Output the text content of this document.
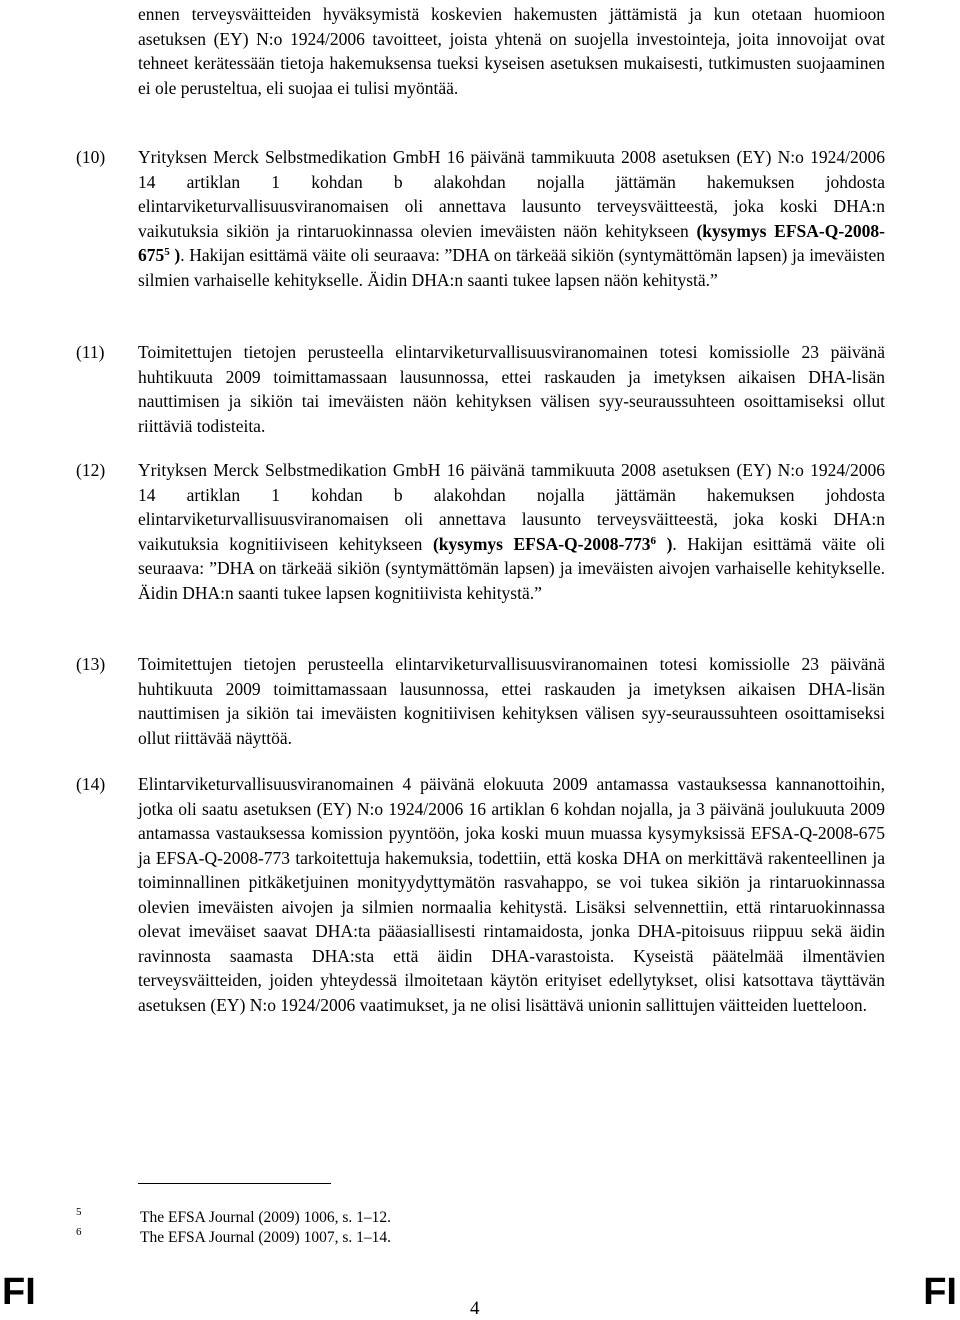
ennen terveysväitteiden hyväksymistä koskevien hakemusten jättämistä ja kun otetaan huomioon asetuksen (EY) N:o 1924/2006 tavoitteet, joista yhtenä on suojella investointeja, joita innovoijat ovat tehneet kerätessään tietoja hakemuksensa tueksi kyseisen asetuksen mukaisesti, tutkimusten suojaaminen ei ole perusteltua, eli suojaa ei tulisi myöntää.

(10) Yrityksen Merck Selbstmedikation GmbH 16 päivänä tammikuuta 2008 asetuksen (EY) N:o 1924/2006 14 artiklan 1 kohdan b alakohdan nojalla jättämän hakemuksen johdosta elintarviketurvallisuusviranomaisen oli annettava lausunto terveysväitteestä, joka koski DHA:n vaikutuksia sikiön ja rintaruokinnassa olevien imeväisten näön kehitykseen (kysymys EFSA-$Q-2008-675^5$ ). Hakijan esittämä väite oli seuraava: ”DHA on tärkeää sikiön (syntymättömän lapsen) ja imeväisten silmien varhaiselle kehitykselle. Äidin DHA:n saanti tukee lapsen näön kehitystä.”

(11) Toimitettujen tietojen perusteella elintarviketurvallisuusviranomainen totesi komissiolle 23 päivänä huhtikuuta 2009 toimittamassaan lausunnossa, ettei raskauden ja imetyksen aikaisen DHA-lisän nauttimisen ja sikiön tai imeväisten näön kehityksen välisen syy-seuraussuhteen osoittamiseksi ollut riittäviä todisteita.

(12) Yrityksen Merck Selbstmedikation GmbH 16 päivänä tammikuuta 2008 asetuksen (EY) N:o 1924/2006 14 artiklan 1 kohdan b alakohdan nojalla jättämän hakemuksen johdosta elintarviketurvallisuusviranomaisen oli annettava lausunto terveysväitteestä, joka koski DHA:n vaikutuksia kognitiiviseen kehitykseen (kysymys EFSA-$Q-2008-773^6$ ). Hakijan esittämä väite oli seuraava: ”DHA on tärkeää sikiön (syntymättömän lapsen) ja imeväisten aivojen varhaiselle kehitykselle. Äidin DHA:n saanti tukee lapsen kognitiivista kehitystä.”

(13) Toimitettujen tietojen perusteella elintarviketurvallisuusviranomainen totesi komissiolle 23 päivänä huhtikuuta 2009 toimittamassaan lausunnossa, ettei raskauden ja imetyksen aikaisen DHA-lisän nauttimisen ja sikiön tai imeväisten kognitiivisen kehityksen välisen syy-seuraussuhteen osoittamiseksi ollut riittävää näyttöä.

(14) Elintarviketurvallisuusviranomainen 4 päivänä elokuuta 2009 antamassa vastauksessa kannanottoihin, jotka oli saatu asetuksen (EY) N:o 1924/2006 16 artiklan 6 kohdan nojalla, ja 3 päivänä joulukuuta 2009 antamassa vastauksessa komission pyyntöön, joka koski muun muassa kysymyksissä EFSA-Q-2008-675 ja EFSA-Q-2008-773 tarkoitettuja hakemuksia, todettiin, että koska DHA on merkittävä rakenteellinen ja toiminnallinen pitkäketjuinen monityydyttymätön rasvahappo, se voi tukea sikiön ja rintaruokinnassa olevien imeväisten aivojen ja silmien normaalia kehitystä. Lisäksi selvennettiin, että rintaruokinnassa olevat imeväiset saavat DHA:ta pääasiallisesti rintamaidosta, jonka DHA-pitoisuus riippuu sekä äidin ravinnosta saamasta DHA:sta että äidin DHA-varastoista. Kyseistä päätelmää ilmentävien terveysväitteiden, joiden yhteydessä ilmoitetaan käytön erityiset edellytykset, olisi katsottava täyttävän asetuksen (EY) N:o 1924/2006 vaatimukset, ja ne olisi lisättävä unionin sallittujen väitteiden luetteloon.

5	The EFSA Journal (2009) 1006, s. 1–12.
6	The EFSA Journal (2009) 1007, s. 1–14.
FI	4	FI
